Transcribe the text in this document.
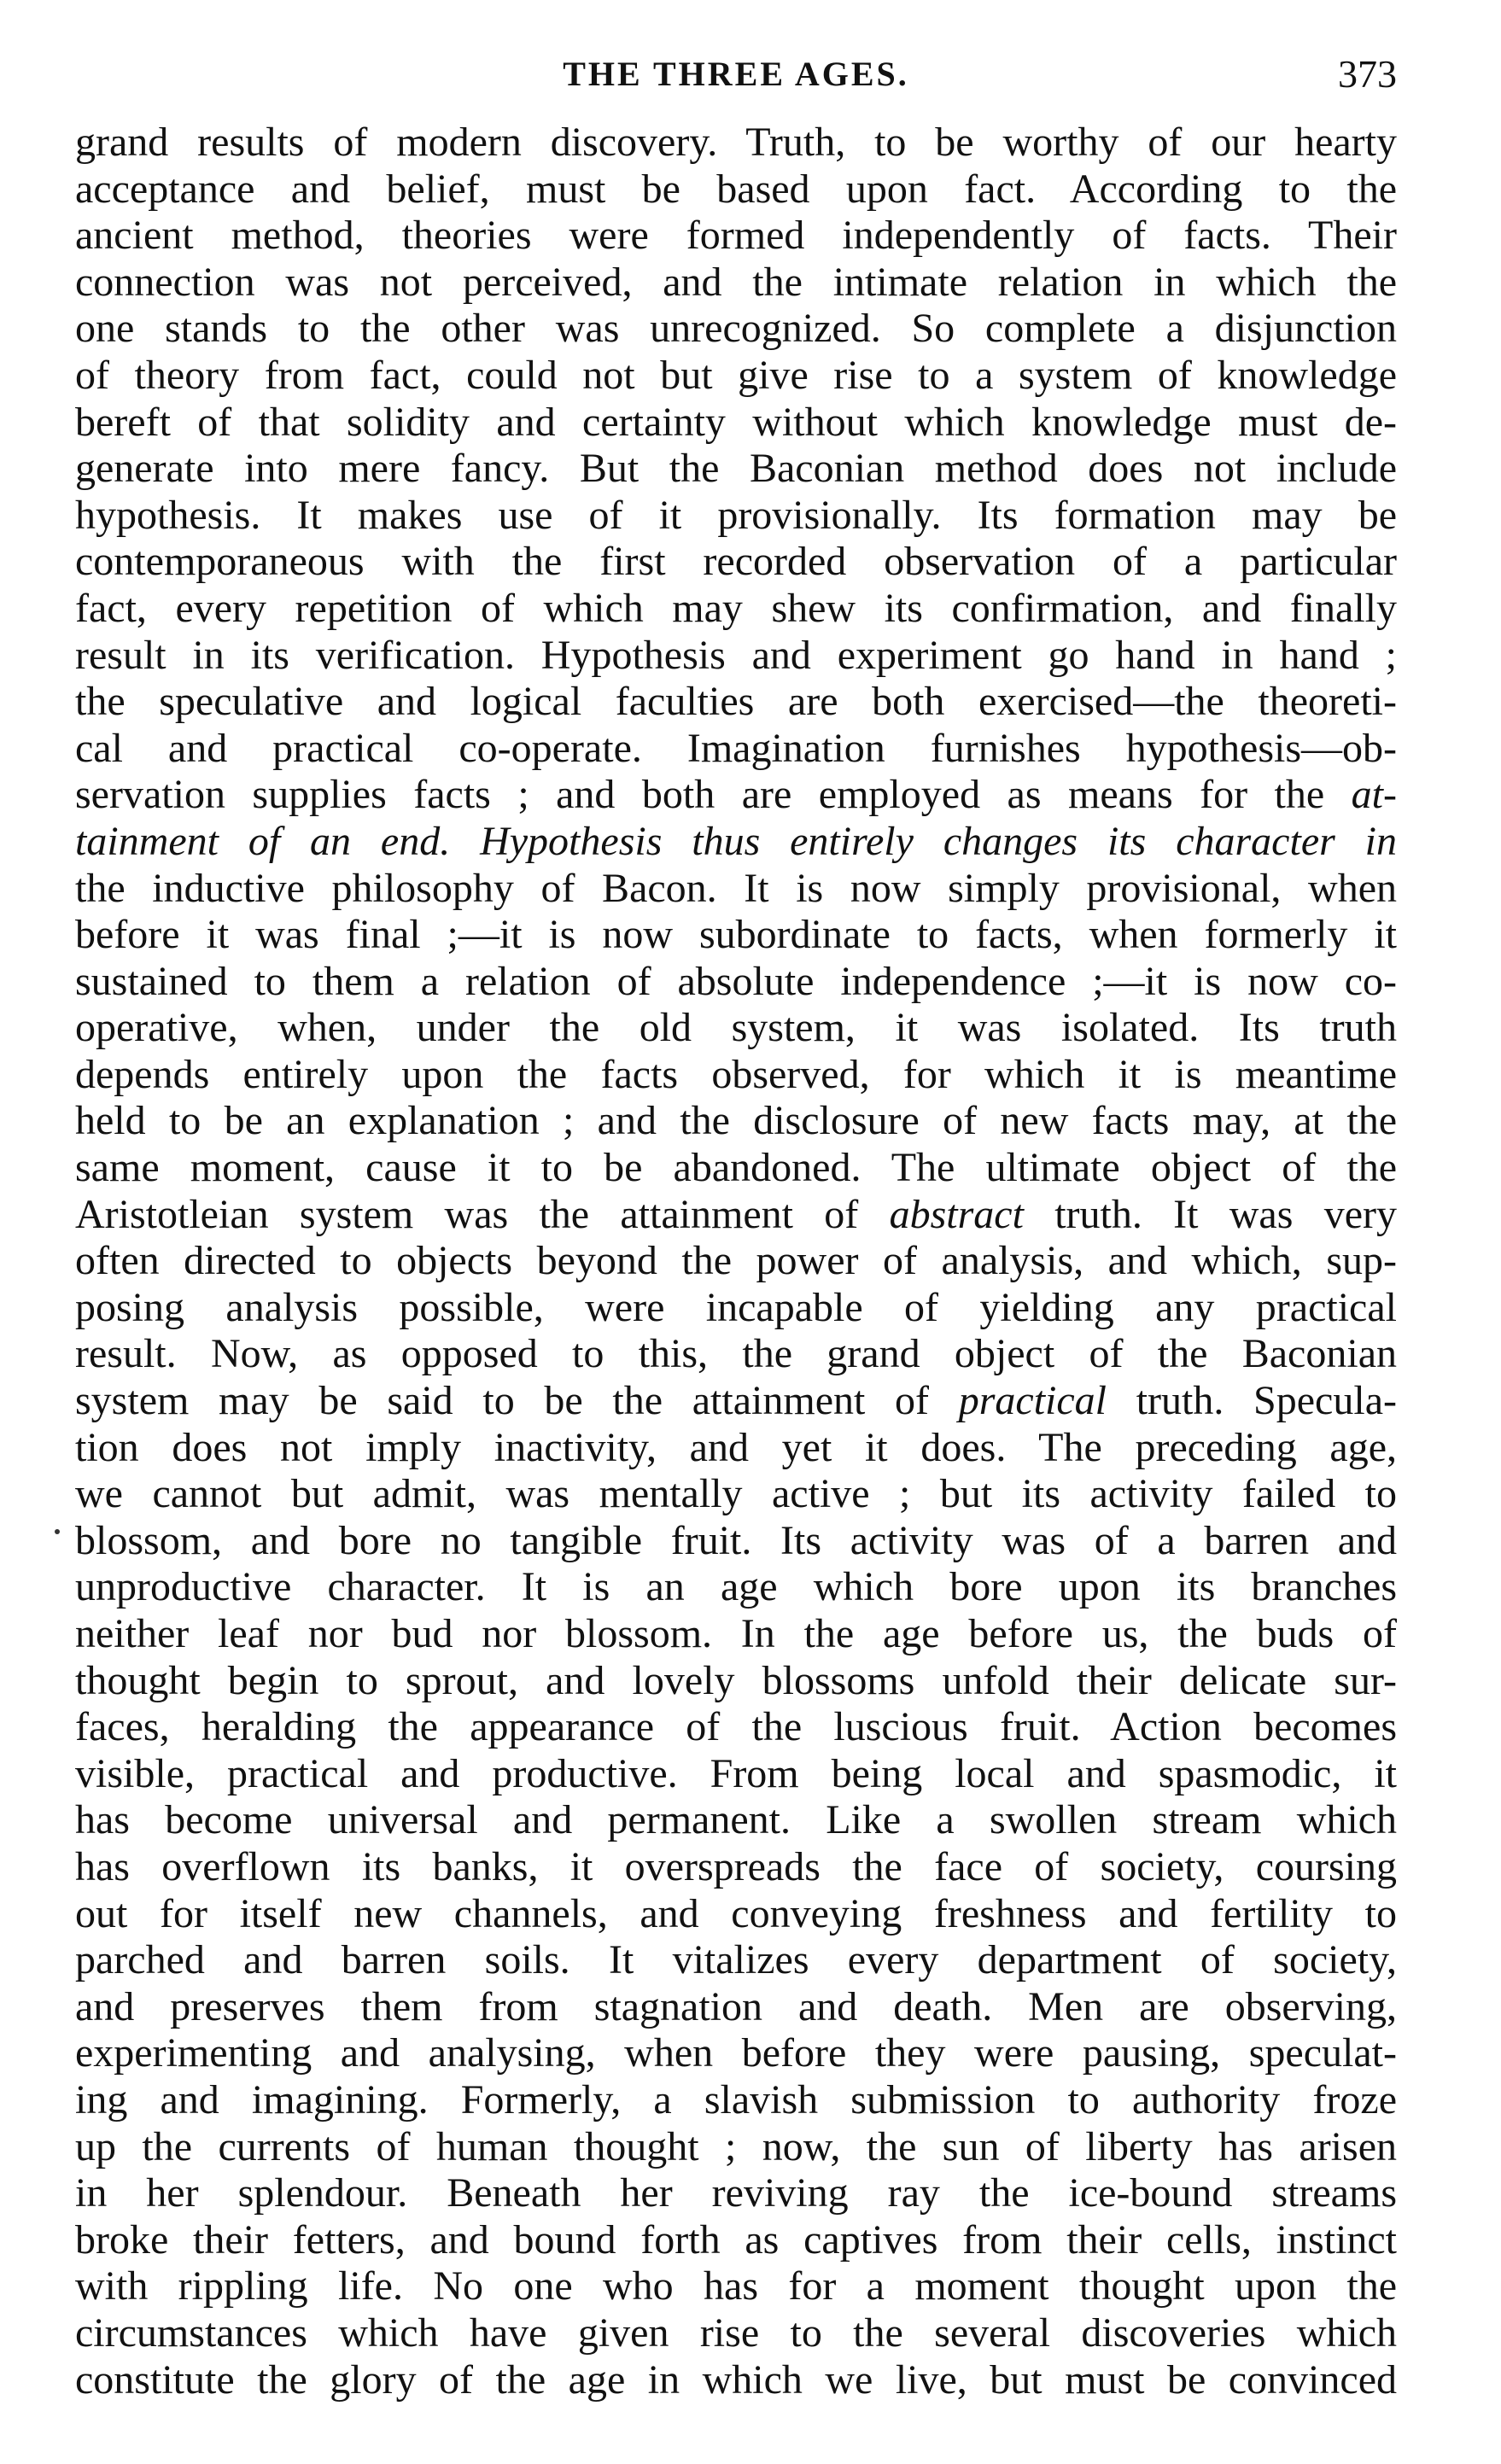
THE THREE AGES.	373
grand results of modern discovery. Truth, to be worthy of our hearty
acceptance and belief, must be based upon fact. According to the
ancient method, theories were formed independently of facts. Their
connection was not perceived, and the intimate relation in which the
one stands to the other was unrecognized. So complete a disjunction
of theory from fact, could not but give rise to a system of knowledge
bereft of that solidity and certainty without which knowledge must de-
generate into mere fancy. But the Baconian method does not include
hypothesis. It makes use of it provisionally. Its formation may be
contemporaneous with the first recorded observation of a particular
fact, every repetition of which may shew its confirmation, and finally
result in its verification. Hypothesis and experiment go hand in hand ;
the speculative and logical faculties are both exercised—the theoreti-
cal and practical co-operate. Imagination furnishes hypothesis—ob-
servation supplies facts ; and both are employed as means for the at-
tainment of an end. Hypothesis thus entirely changes its character in
the inductive philosophy of Bacon. It is now simply provisional, when
before it was final ;—it is now subordinate to facts, when formerly it
sustained to them a relation of absolute independence ;—it is now co-
operative, when, under the old system, it was isolated. Its truth
depends entirely upon the facts observed, for which it is meantime
held to be an explanation ; and the disclosure of new facts may, at the
same moment, cause it to be abandoned. The ultimate object of the
Aristotleian system was the attainment of abstract truth. It was very
often directed to objects beyond the power of analysis, and which, sup-
posing analysis possible, were incapable of yielding any practical
result. Now, as opposed to this, the grand object of the Baconian
system may be said to be the attainment of practical truth. Specula-
tion does not imply inactivity, and yet it does. The preceding age,
we cannot but admit, was mentally active ; but its activity failed to
blossom, and bore no tangible fruit. Its activity was of a barren and
unproductive character. It is an age which bore upon its branches
neither leaf nor bud nor blossom. In the age before us, the buds of
thought begin to sprout, and lovely blossoms unfold their delicate sur-
faces, heralding the appearance of the luscious fruit. Action becomes
visible, practical and productive. From being local and spasmodic, it
has become universal and permanent. Like a swollen stream which
has overflown its banks, it overspreads the face of society, coursing
out for itself new channels, and conveying freshness and fertility to
parched and barren soils. It vitalizes every department of society,
and preserves them from stagnation and death. Men are observing,
experimenting and analysing, when before they were pausing, speculat-
ing and imagining. Formerly, a slavish submission to authority froze
up the currents of human thought ; now, the sun of liberty has arisen
in her splendour. Beneath her reviving ray the ice-bound streams
broke their fetters, and bound forth as captives from their cells, instinct
with rippling life. No one who has for a moment thought upon the
circumstances which have given rise to the several discoveries which
constitute the glory of the age in which we live, but must be convinced
